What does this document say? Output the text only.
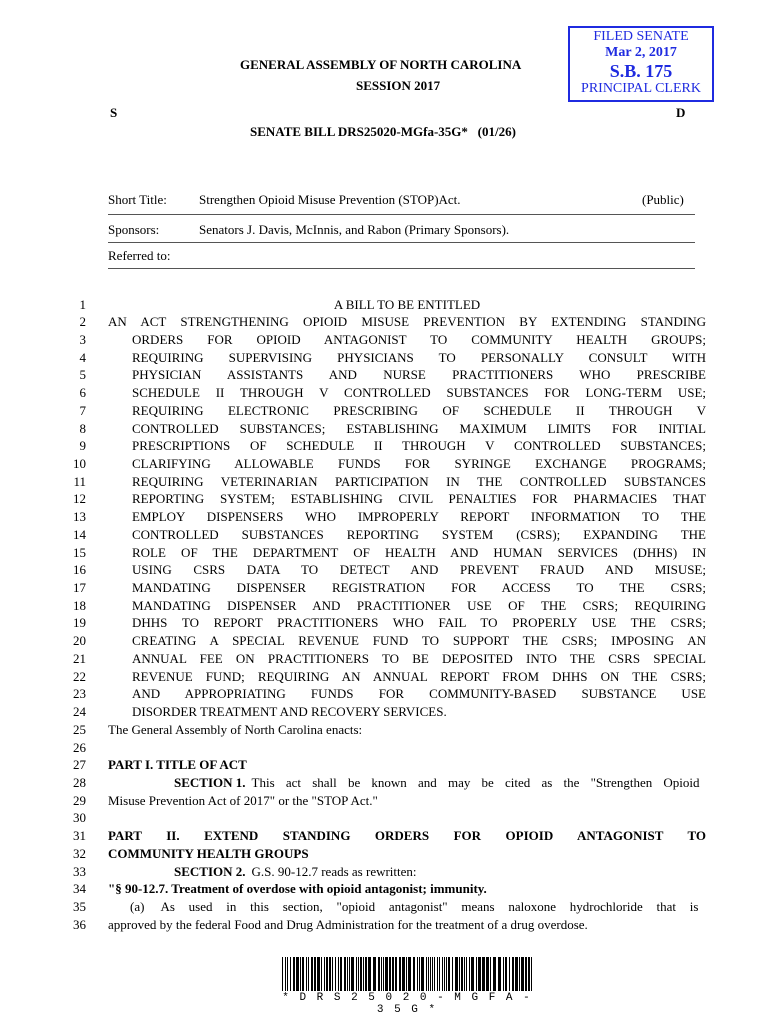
FILED SENATE
Mar 2, 2017
S.B. 175
PRINCIPAL CLERK
GENERAL ASSEMBLY OF NORTH CAROLINA
SESSION 2017
S	D
SENATE BILL DRS25020-MGfa-35G*   (01/26)
Short Title: Strengthen Opioid Misuse Prevention (STOP)Act.	(Public)
Sponsors:	Senators J. Davis, McInnis, and Rabon (Primary Sponsors).
Referred to:
1	A BILL TO BE ENTITLED
2 AN ACT STRENGTHENING OPIOID MISUSE PREVENTION BY EXTENDING STANDING
3	ORDERS FOR OPIOID ANTAGONIST TO COMMUNITY HEALTH GROUPS;
4	REQUIRING SUPERVISING PHYSICIANS TO PERSONALLY CONSULT WITH
5	PHYSICIAN ASSISTANTS AND NURSE PRACTITIONERS WHO PRESCRIBE
6	SCHEDULE II THROUGH V CONTROLLED SUBSTANCES FOR LONG-TERM USE;
7	REQUIRING ELECTRONIC PRESCRIBING OF SCHEDULE II THROUGH V
8	CONTROLLED SUBSTANCES; ESTABLISHING MAXIMUM LIMITS FOR INITIAL
9	PRESCRIPTIONS OF SCHEDULE II THROUGH V CONTROLLED SUBSTANCES;
10	CLARIFYING ALLOWABLE FUNDS FOR SYRINGE EXCHANGE PROGRAMS;
11	REQUIRING VETERINARIAN PARTICIPATION IN THE CONTROLLED SUBSTANCES
12	REPORTING SYSTEM; ESTABLISHING CIVIL PENALTIES FOR PHARMACIES THAT
13	EMPLOY DISPENSERS WHO IMPROPERLY REPORT INFORMATION TO THE
14	CONTROLLED SUBSTANCES REPORTING SYSTEM (CSRS); EXPANDING THE
15	ROLE OF THE DEPARTMENT OF HEALTH AND HUMAN SERVICES (DHHS) IN
16	USING CSRS DATA TO DETECT AND PREVENT FRAUD AND MISUSE;
17	MANDATING DISPENSER REGISTRATION FOR ACCESS TO THE CSRS;
18	MANDATING DISPENSER AND PRACTITIONER USE OF THE CSRS; REQUIRING
19	DHHS TO REPORT PRACTITIONERS WHO FAIL TO PROPERLY USE THE CSRS;
20	CREATING A SPECIAL REVENUE FUND TO SUPPORT THE CSRS; IMPOSING AN
21	ANNUAL FEE ON PRACTITIONERS TO BE DEPOSITED INTO THE CSRS SPECIAL
22	REVENUE FUND; REQUIRING AN ANNUAL REPORT FROM DHHS ON THE CSRS;
23	AND APPROPRIATING FUNDS FOR COMMUNITY-BASED SUBSTANCE USE
24	DISORDER TREATMENT AND RECOVERY SERVICES.
25 The General Assembly of North Carolina enacts:
26
27 PART I. TITLE OF ACT
28	SECTION 1. This act shall be known and may be cited as the "Strengthen Opioid
29 Misuse Prevention Act of 2017" or the "STOP Act."
30
31 PART II. EXTEND STANDING ORDERS FOR OPIOID ANTAGONIST TO
32 COMMUNITY HEALTH GROUPS
33	SECTION 2. G.S. 90-12.7 reads as rewritten:
34 "§ 90-12.7. Treatment of overdose with opioid antagonist; immunity.
35	(a) As used in this section, "opioid antagonist" means naloxone hydrochloride that is
36 approved by the federal Food and Drug Administration for the treatment of a drug overdose.
* D R S 2 5 0 2 0 - M G F A - 3 5 G *
